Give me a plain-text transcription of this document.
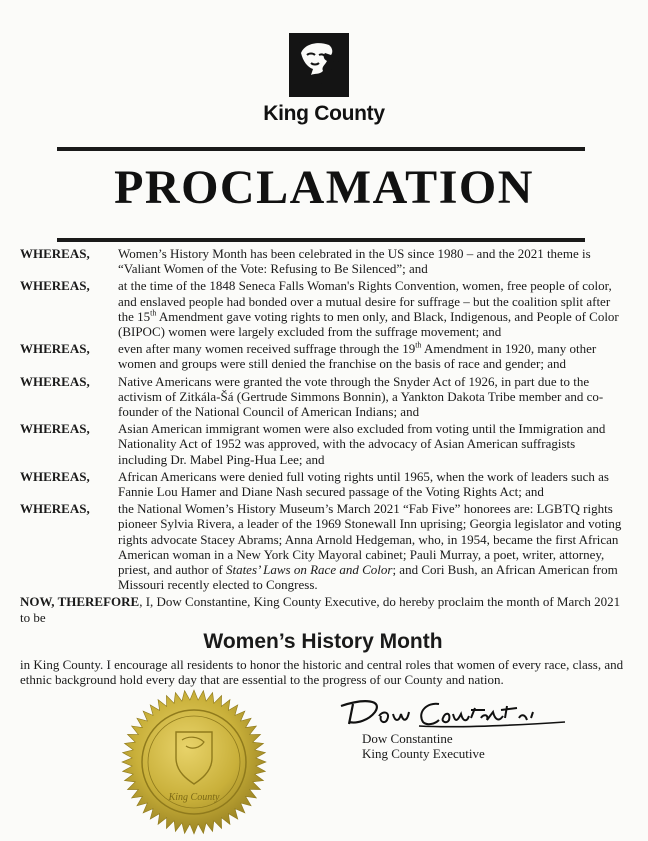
King County
PROCLAMATION
WHEREAS, Women’s History Month has been celebrated in the US since 1980 – and the 2021 theme is “Valiant Women of the Vote: Refusing to Be Silenced”; and
WHEREAS, at the time of the 1848 Seneca Falls Woman's Rights Convention, women, free people of color, and enslaved people had bonded over a mutual desire for suffrage – but the coalition split after the 15th Amendment gave voting rights to men only, and Black, Indigenous, and People of Color (BIPOC) women were largely excluded from the suffrage movement; and
WHEREAS, even after many women received suffrage through the 19th Amendment in 1920, many other women and groups were still denied the franchise on the basis of race and gender; and
WHEREAS, Native Americans were granted the vote through the Snyder Act of 1926, in part due to the activism of Zitkála-Šá (Gertrude Simmons Bonnin), a Yankton Dakota Tribe member and co-founder of the National Council of American Indians; and
WHEREAS, Asian American immigrant women were also excluded from voting until the Immigration and Nationality Act of 1952 was approved, with the advocacy of Asian American suffragists including Dr. Mabel Ping-Hua Lee; and
WHEREAS, African Americans were denied full voting rights until 1965, when the work of leaders such as Fannie Lou Hamer and Diane Nash secured passage of the Voting Rights Act; and
WHEREAS, the National Women’s History Museum’s March 2021 “Fab Five” honorees are: LGBTQ rights pioneer Sylvia Rivera, a leader of the 1969 Stonewall Inn uprising; Georgia legislator and voting rights advocate Stacey Abrams; Anna Arnold Hedgeman, who, in 1954, became the first African American woman in a New York City Mayoral cabinet; Pauli Murray, a poet, writer, attorney, priest, and author of States’ Laws on Race and Color; and Cori Bush, an African American from Missouri recently elected to Congress.
NOW, THEREFORE, I, Dow Constantine, King County Executive, do hereby proclaim the month of March 2021 to be
Women’s History Month
in King County. I encourage all residents to honor the historic and central roles that women of every race, class, and ethnic background hold every day that are essential to the progress of our County and nation.
King County
Dow Constantine
King County Executive
